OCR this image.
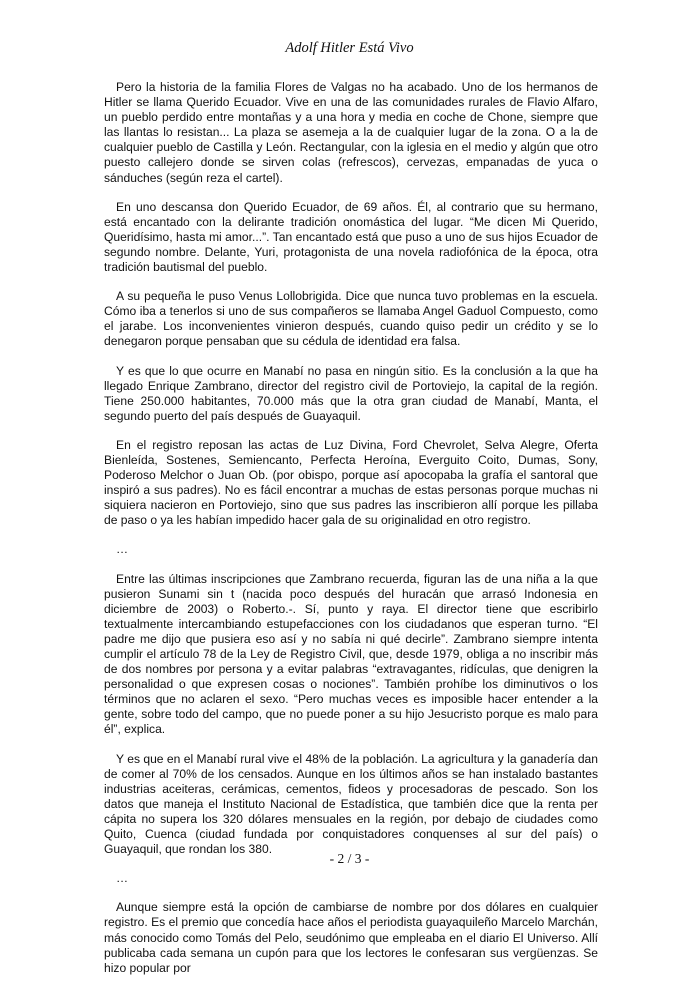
Adolf Hitler Está Vivo

Pero la historia de la familia Flores de Valgas no ha acabado. Uno de los hermanos de Hitler se llama Querido Ecuador. Vive en una de las comunidades rurales de Flavio Alfaro, un pueblo perdido entre montañas y a una hora y media en coche de Chone, siempre que las llantas lo resistan... La plaza se asemeja a la de cualquier lugar de la zona. O a la de cualquier pueblo de Castilla y León. Rectangular, con la iglesia en el medio y algún que otro puesto callejero donde se sirven colas (refrescos), cervezas, empanadas de yuca o sánduches (según reza el cartel).

En uno descansa don Querido Ecuador, de 69 años. Él, al contrario que su hermano, está encantado con la delirante tradición onomástica del lugar. “Me dicen Mi Querido, Queridísimo, hasta mi amor...”. Tan encantado está que puso a uno de sus hijos Ecuador de segundo nombre. Delante, Yuri, protagonista de una novela radiofónica de la época, otra tradición bautismal del pueblo.

A su pequeña le puso Venus Lollobrigida. Dice que nunca tuvo problemas en la escuela. Cómo iba a tenerlos si uno de sus compañeros se llamaba Angel Gaduol Compuesto, como el jarabe. Los inconvenientes vinieron después, cuando quiso pedir un crédito y se lo denegaron porque pensaban que su cédula de identidad era falsa.

Y es que lo que ocurre en Manabí no pasa en ningún sitio. Es la conclusión a la que ha llegado Enrique Zambrano, director del registro civil de Portoviejo, la capital de la región. Tiene 250.000 habitantes, 70.000 más que la otra gran ciudad de Manabí, Manta, el segundo puerto del país después de Guayaquil.

En el registro reposan las actas de Luz Divina, Ford Chevrolet, Selva Alegre, Oferta Bienleída, Sostenes, Semiencanto, Perfecta Heroína, Everguito Coito, Dumas, Sony, Poderoso Melchor o Juan Ob. (por obispo, porque así apocopaba la grafía el santoral que inspiró a sus padres). No es fácil encontrar a muchas de estas personas porque muchas ni siquiera nacieron en Portoviejo, sino que sus padres las inscribieron allí porque les pillaba de paso o ya les habían impedido hacer gala de su originalidad en otro registro.

…

Entre las últimas inscripciones que Zambrano recuerda, figuran las de una niña a la que pusieron Sunami sin t (nacida poco después del huracán que arrasó Indonesia en diciembre de 2003) o Roberto.-. Sí, punto y raya. El director tiene que escribirlo textualmente intercambiando estupefacciones con los ciudadanos que esperan turno. “El padre me dijo que pusiera eso así y no sabía ni qué decirle”. Zambrano siempre intenta cumplir el artículo 78 de la Ley de Registro Civil, que, desde 1979, obliga a no inscribir más de dos nombres por persona y a evitar palabras “extravagantes, ridículas, que denigren la personalidad o que expresen cosas o nociones”. También prohíbe los diminutivos o los términos que no aclaren el sexo. “Pero muchas veces es imposible hacer entender a la gente, sobre todo del campo, que no puede poner a su hijo Jesucristo porque es malo para él”, explica.

Y es que en el Manabí rural vive el 48% de la población. La agricultura y la ganadería dan de comer al 70% de los censados. Aunque en los últimos años se han instalado bastantes industrias aceiteras, cerámicas, cementos, fideos y procesadoras de pescado. Son los datos que maneja el Instituto Nacional de Estadística, que también dice que la renta per cápita no supera los 320 dólares mensuales en la región, por debajo de ciudades como Quito, Cuenca (ciudad fundada por conquistadores conquenses al sur del país) o Guayaquil, que rondan los 380.

…

Aunque siempre está la opción de cambiarse de nombre por dos dólares en cualquier registro. Es el premio que concedía hace años el periodista guayaquileño Marcelo Marchán, más conocido como Tomás del Pelo, seudónimo que empleaba en el diario El Universo. Allí publicaba cada semana un cupón para que los lectores le confesaran sus vergüenzas. Se hizo popular por

- 2 / 3 -
